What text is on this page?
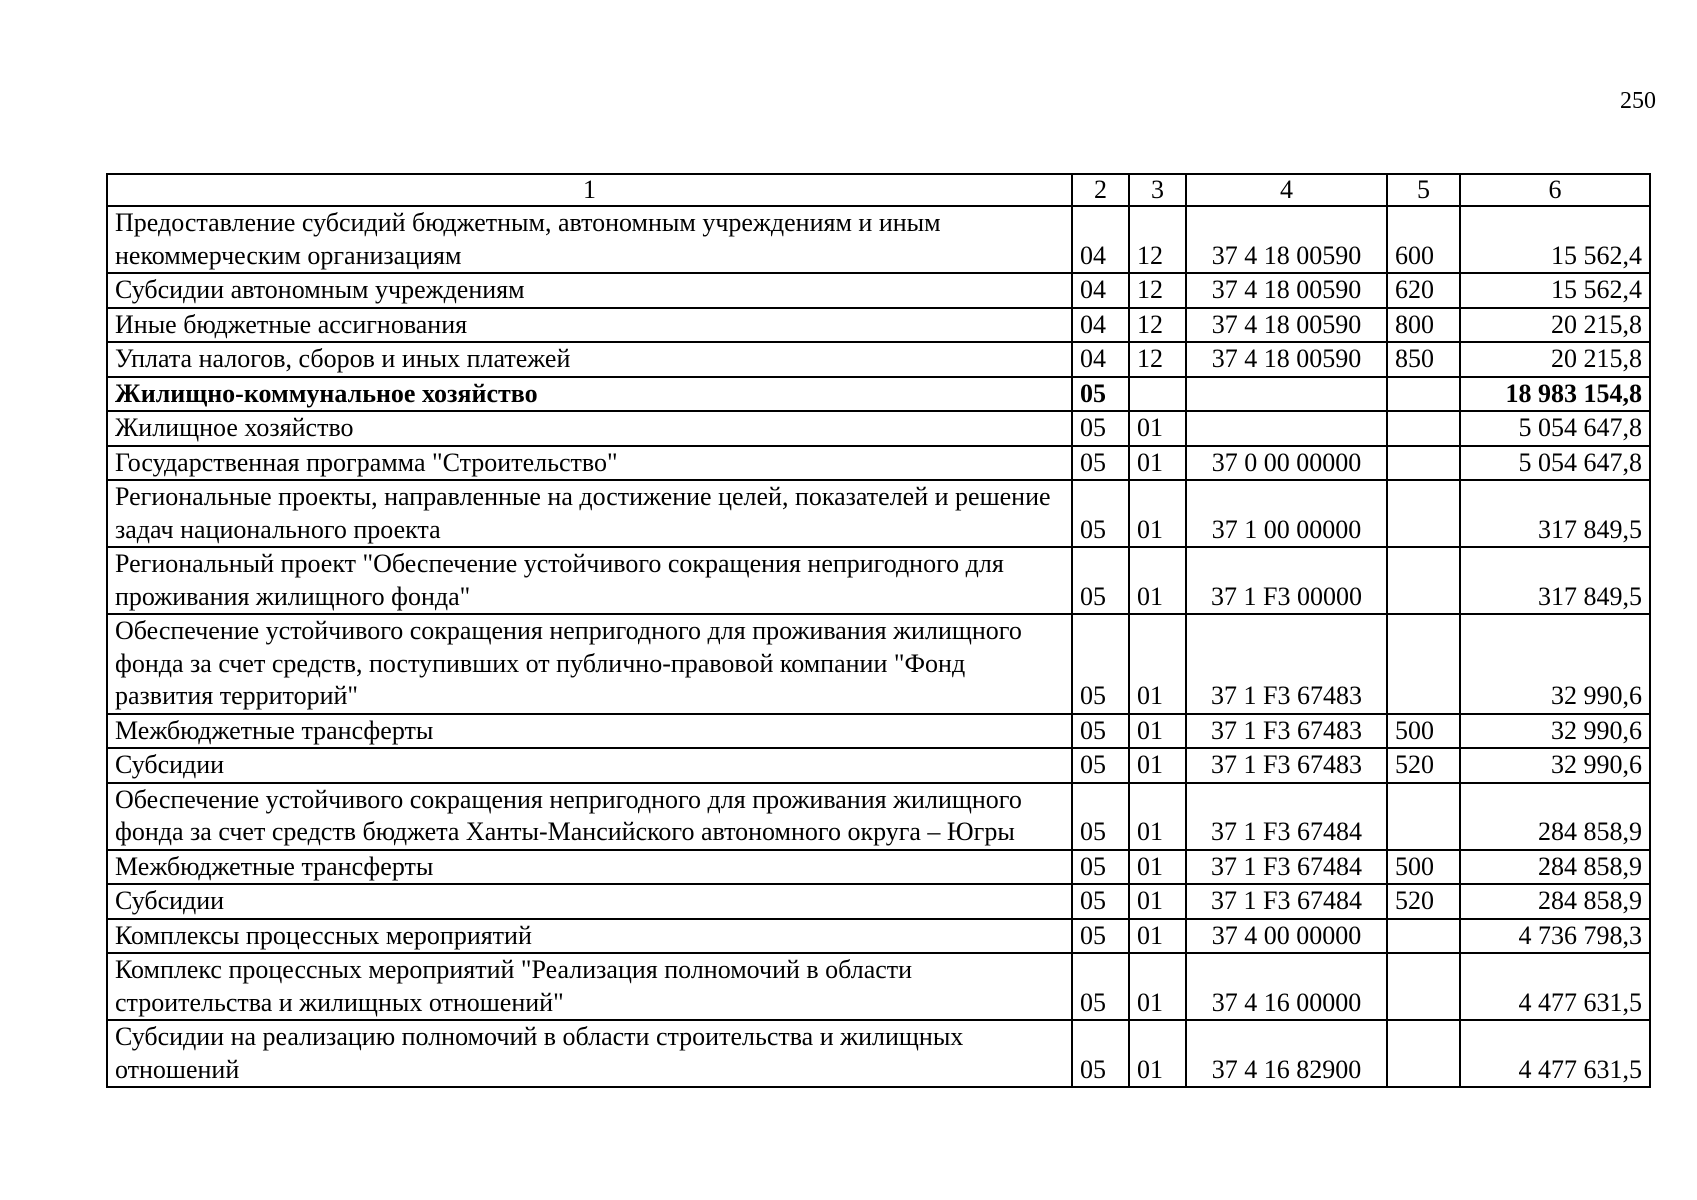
250
1	2	3	4	5	6
Предоставление субсидий бюджетным, автономным учреждениям и иным некоммерческим организациям	04	12	37 4 18 00590	600	15 562,4
Субсидии автономным учреждениям	04	12	37 4 18 00590	620	15 562,4
Иные бюджетные ассигнования	04	12	37 4 18 00590	800	20 215,8
Уплата налогов, сборов и иных платежей	04	12	37 4 18 00590	850	20 215,8
Жилищно-коммунальное хозяйство	05				18 983 154,8
Жилищное хозяйство	05	01			5 054 647,8
Государственная программа "Строительство"	05	01	37 0 00 00000		5 054 647,8
Региональные проекты, направленные на достижение целей, показателей и решение задач национального проекта	05	01	37 1 00 00000		317 849,5
Региональный проект "Обеспечение устойчивого сокращения непригодного для проживания жилищного фонда"	05	01	37 1 F3 00000		317 849,5
Обеспечение устойчивого сокращения непригодного для проживания жилищного фонда за счет средств, поступивших от публично-правовой компании "Фонд развития территорий"	05	01	37 1 F3 67483		32 990,6
Межбюджетные трансферты	05	01	37 1 F3 67483	500	32 990,6
Субсидии	05	01	37 1 F3 67483	520	32 990,6
Обеспечение устойчивого сокращения непригодного для проживания жилищного фонда за счет средств бюджета Ханты-Мансийского автономного округа – Югры	05	01	37 1 F3 67484		284 858,9
Межбюджетные трансферты	05	01	37 1 F3 67484	500	284 858,9
Субсидии	05	01	37 1 F3 67484	520	284 858,9
Комплексы процессных мероприятий	05	01	37 4 00 00000		4 736 798,3
Комплекс процессных мероприятий "Реализация полномочий в области строительства и жилищных отношений"	05	01	37 4 16 00000		4 477 631,5
Субсидии на реализацию полномочий в области строительства и жилищных отношений	05	01	37 4 16 82900		4 477 631,5
